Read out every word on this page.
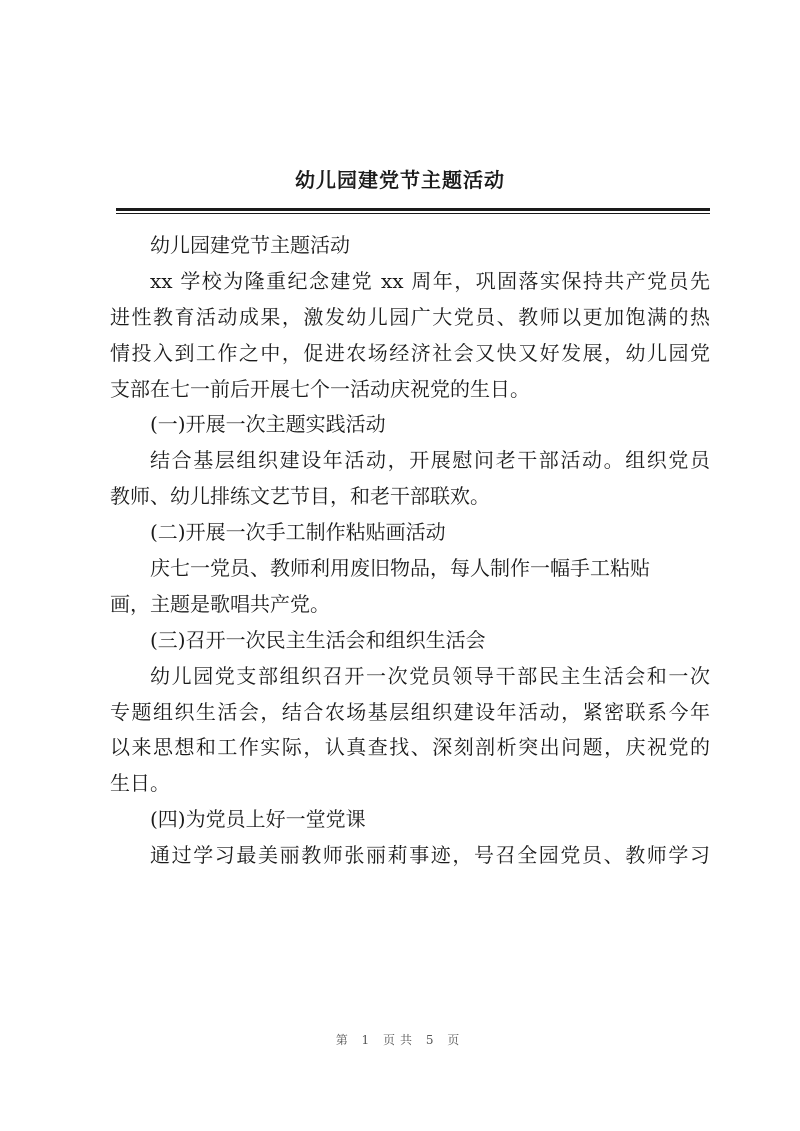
幼儿园建党节主题活动
幼儿园建党节主题活动
xx 学校为隆重纪念建党 xx 周年，巩固落实保持共产党员先
进性教育活动成果，激发幼儿园广大党员、教师以更加饱满的热
情投入到工作之中，促进农场经济社会又快又好发展，幼儿园党
支部在七一前后开展七个一活动庆祝党的生日。
(一)开展一次主题实践活动
结合基层组织建设年活动，开展慰问老干部活动。组织党员
教师、幼儿排练文艺节目，和老干部联欢。
(二)开展一次手工制作粘贴画活动
庆七一党员、教师利用废旧物品，每人制作一幅手工粘贴
画，主题是歌唱共产党。
(三)召开一次民主生活会和组织生活会
幼儿园党支部组织召开一次党员领导干部民主生活会和一次
专题组织生活会，结合农场基层组织建设年活动，紧密联系今年
以来思想和工作实际，认真查找、深刻剖析突出问题，庆祝党的
生日。
(四)为党员上好一堂党课
通过学习最美丽教师张丽莉事迹，号召全园党员、教师学习
第 1 页共 5 页
